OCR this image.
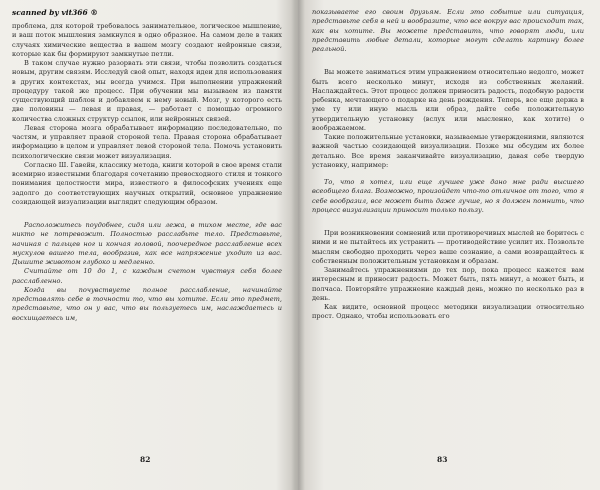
scanned by vit366 ®

проблема, для которой требовалось занимательное, логическое мышление, и ваш поток мышления замкнулся в одно образное. На самом деле в таких случаях химические вещества в вашем мозгу создают нейронные связи, которые как бы формируют замкнутые петли.

В таком случае нужно разорвать эти связи, чтобы позволить создаться новым, другим связям. Исследуй свой опыт, находя идеи для использования в других контекстах, мы всегда учимся. При выполнении упражнений процедуру такой же процесс. При обучении мы вызываем из памяти существующий шаблон и добавляем к нему новый. Мозг, у которого есть две половины — левая и правая, — работает с помощью огромного количества сложных структур ссылок, или нейронных связей.

Левая сторона мозга обрабатывает информацию последовательно, по частям, и управляет правой стороной тела. Правая сторона обрабатывает информацию в целом и управляет левой стороной тела. Помочь установить психологические связи может визуализация.

Согласно Ш. Гавейн, классику метода, книги которой в свое время стали всемирно известными благодаря сочетанию превосходного стиля и тонкого понимания целостности мира, известного в философских учениях еще задолго до соответствующих научных открытий, основное упражнение созидающей визуализации выглядит следующим образом.

Расположитесь поудобнее, сидя или лежа, в тихом месте, где вас никто не потревожит. Полностью расслабьте тело. Представьте, начиная с пальцев ног и кончая головой, поочередное расслабление всех мускулов вашего тела, вообразив, как все напряжение уходит из вас. Дышите животом глубоко и медленно.

Считайте от 10 до 1, с каждым счетом чувствуя себя более расслабленно.

Когда вы почувствуете полное расслабление, начинайте представлять себе в точности то, что вы хотите. Если это предмет, представьте, что он у вас, что вы пользуетесь им, наслаждаетесь и восхищаетесь им,

82

показываете его своим друзьям. Если это событие или ситуация, представьте себя в ней и вообразите, что все вокруг вас происходит так, как вы хотите. Вы можете представить, что говорят люди, или представить любые детали, которые могут сделать картину более реальной.

Вы можете заниматься этим упражнением относительно недолго, может быть всего несколько минут, исходя из собственных желаний. Наслаждайтесь. Этот процесс должен приносить радость, подобную радости ребенка, мечтающего о подарке на день рождения. Теперь, все еще держа в уме ту или иную мысль или образ, дайте себе положительную утвердительную установку (вслух или мысленно, как хотите) о воображаемом.

Такие положительные установки, называемые утверждениями, являются важной частью созидающей визуализации. Позже мы обсудим их более детально. Все время заканчивайте визуализацию, давая себе твердую установку, например:

То, что я хотел, или еще лучшее уже дано мне ради высшего всеобщего блага. Возможно, произойдет что-то отличное от того, что я себе вообразил, все может быть даже лучше, но я должен помнить, что процесс визуализации приносит только пользу.

При возникновении сомнений или противоречивых мыслей не боритесь с ними и не пытайтесь их устранить — противодействие усилит их. Позвольте мыслям свободно проходить через ваше сознание, а сами возвращайтесь к собственным положительным установкам и образам.

Занимайтесь упражнениями до тех пор, пока процесс кажется вам интересным и приносит радость. Может быть, пять минут, а может быть, и полчаса. Повторяйте упражнение каждый день, можно по несколько раз в день.

Как видите, основной процесс методики визуализации относительно прост. Однако, чтобы использовать его

83
